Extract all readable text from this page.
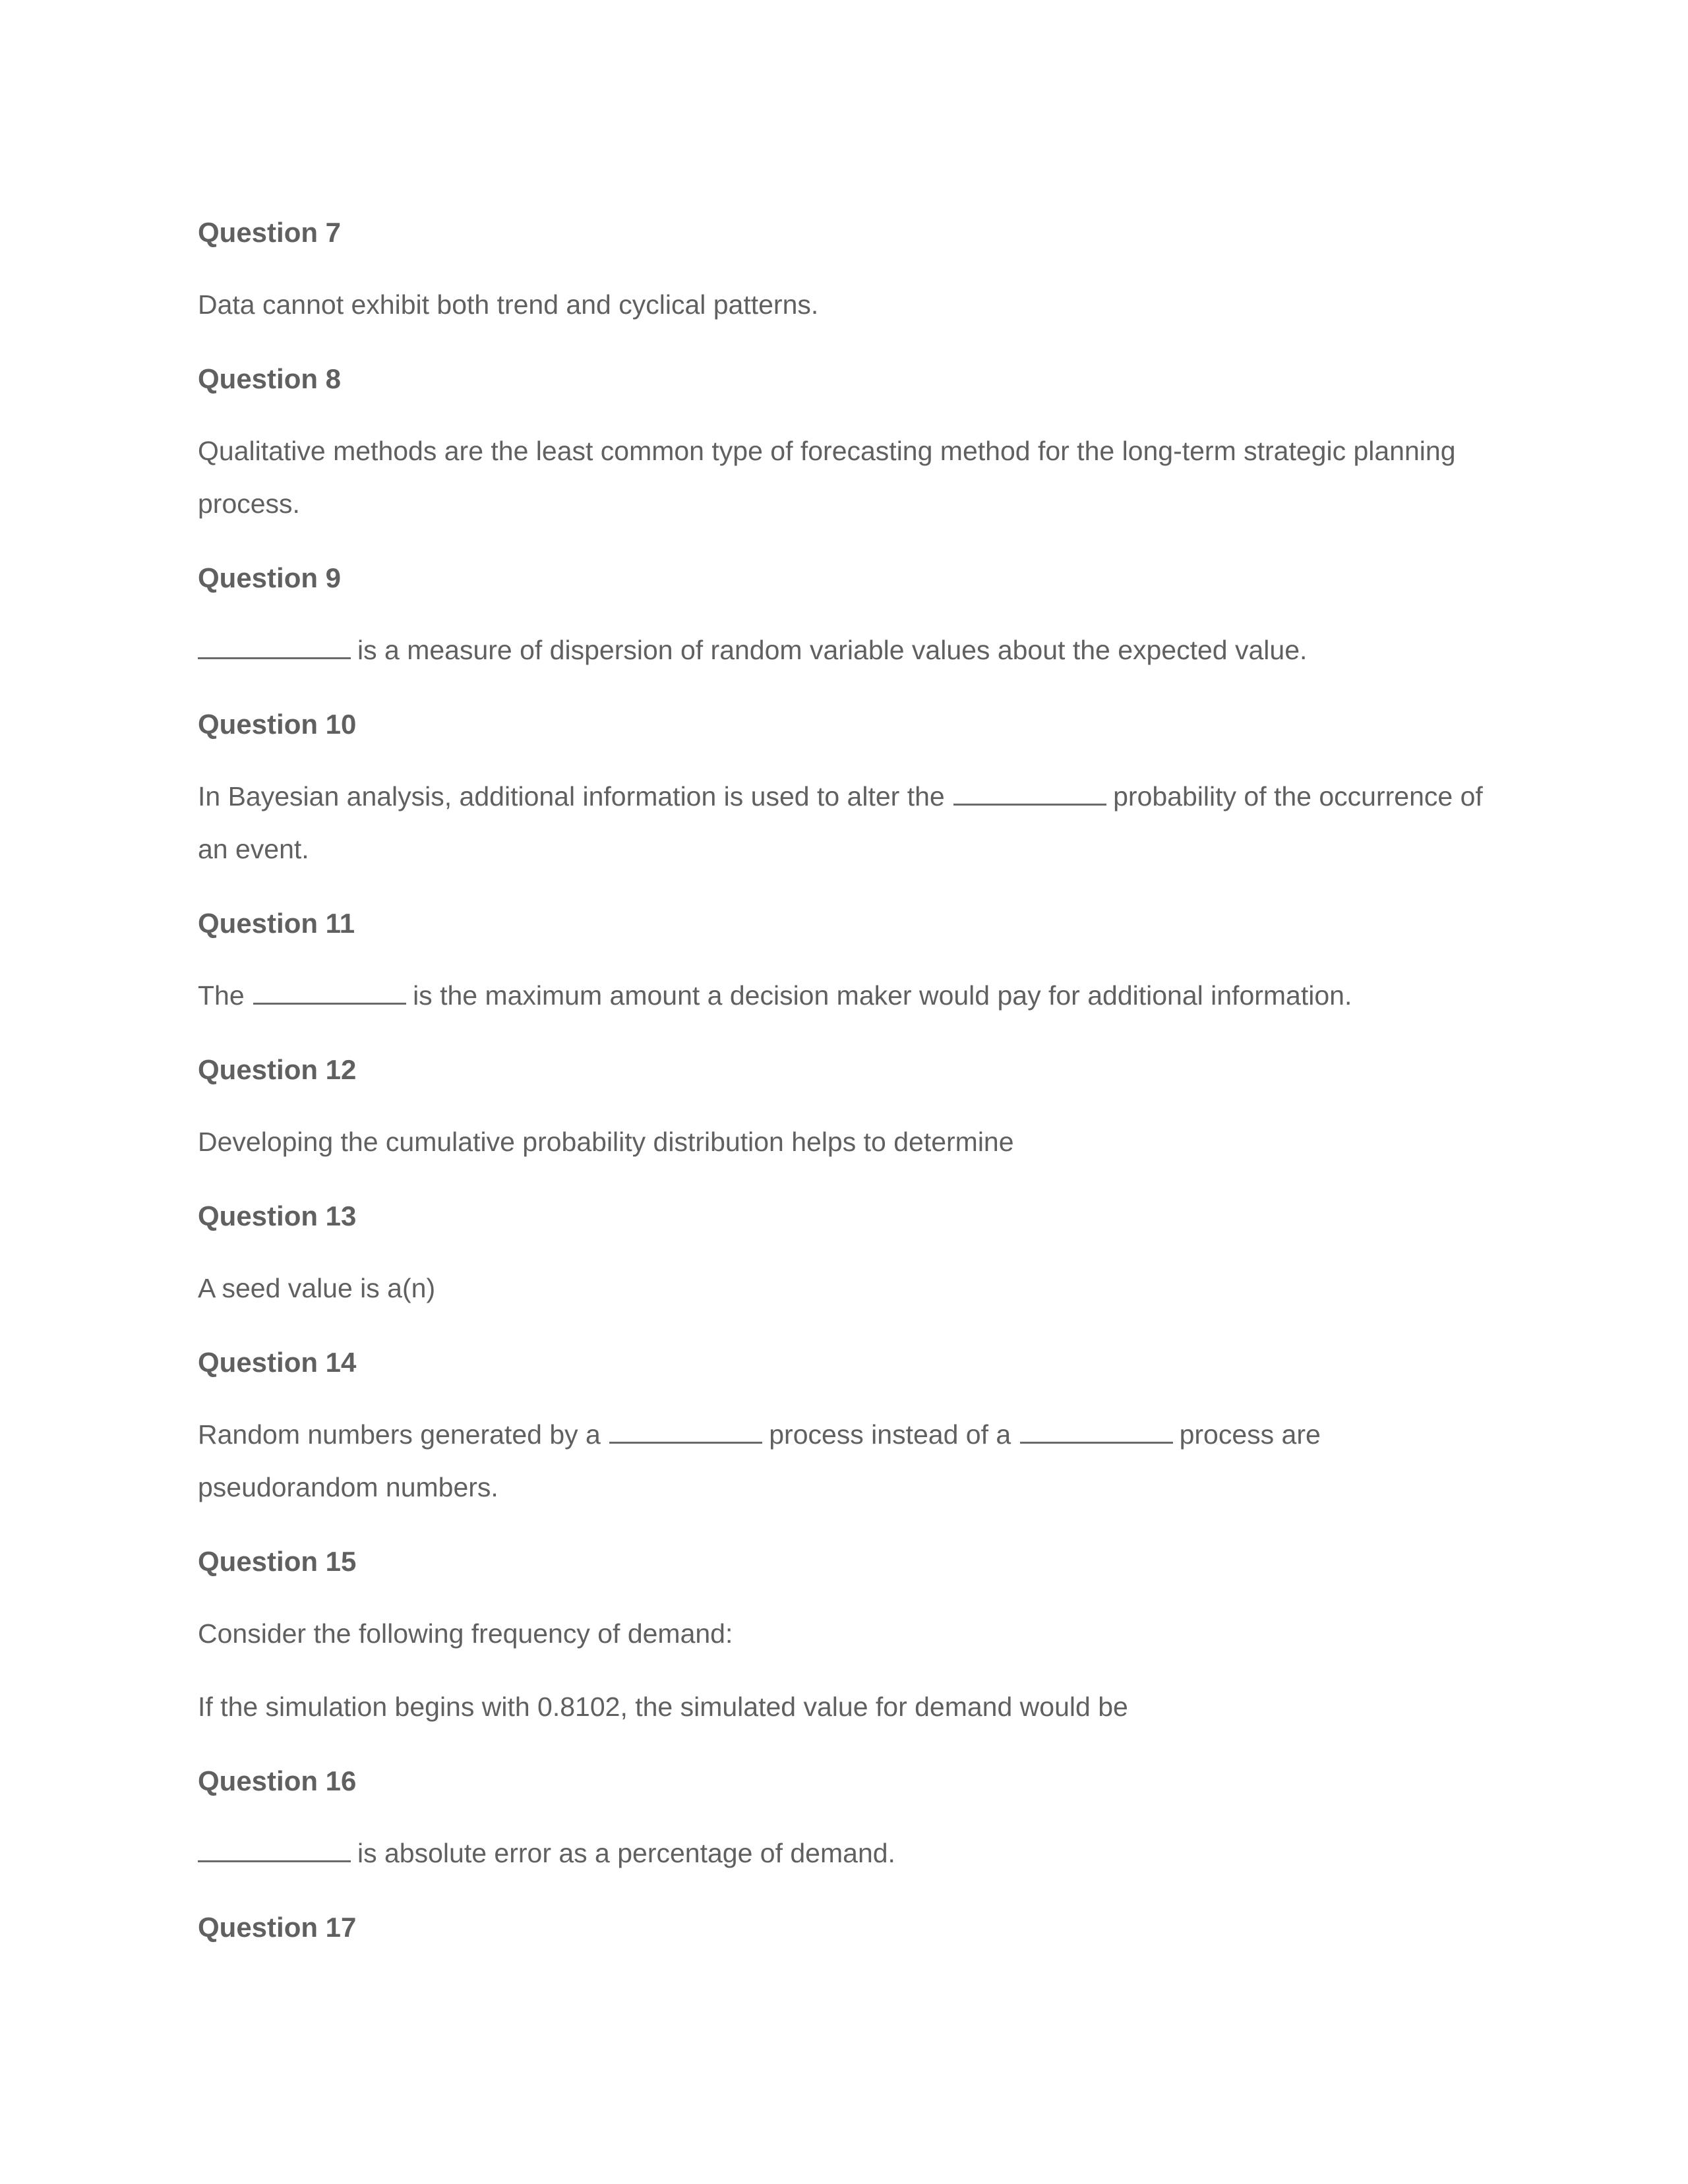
Question 7
Data cannot exhibit both trend and cyclical patterns.
Question 8
Qualitative methods are the least common type of forecasting method for the long-term strategic planning process.
Question 9
is a measure of dispersion of random variable values about the expected value.
Question 10
In Bayesian analysis, additional information is used to alter the	probability of the occurrence of an event.
Question 11
The	is the maximum amount a decision maker would pay for additional information.
Question 12
Developing the cumulative probability distribution helps to determine
Question 13
A seed value is a(n)
Question 14
Random numbers generated by a	process instead of a	process are pseudorandom numbers.
Question 15
Consider the following frequency of demand:
If the simulation begins with 0.8102, the simulated value for demand would be
Question 16
is absolute error as a percentage of demand.
Question 17
